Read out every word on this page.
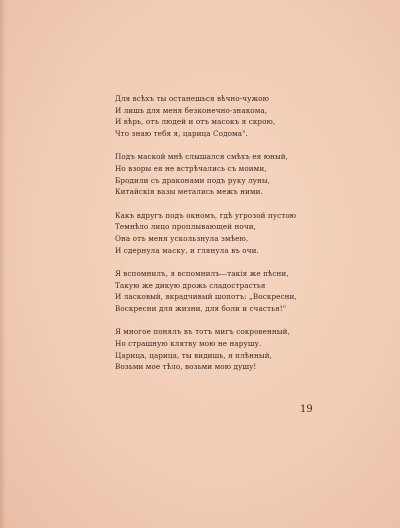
Для всѣхъ ты останешься вѣчно-чужою
И лишь для меня безконечно-знакома,
И вѣрь, отъ людей и отъ масокъ я скрою,
Что знаю тебя я, царица Содома".
Подъ маской мнѣ слышался смѣхъ ея юный,
Но взоры ея не встрѣчались съ моими,
Бродили съ драконами подъ рукy луны,
Китайскія вазы метались межъ ними.
Какъ вдругъ подъ окномъ, гдѣ угрозой пустою
Темнѣло лицо проплывающей ночи,
Она отъ меня ускользнула змѣею,
И сдернула маску, и глянула въ очи.
Я вспомнилъ, я вспомнилъ—такія же пѣсни,
Такую же дикую дрожь сладострастья
И ласковый, вкрадчивый шопотъ: „Воскресни,
Воскресни для жизни, для боли и счастья!"
Я многое понялъ въ тотъ мигъ сокровенный,
Но страшную клятву мою не нарушу.
Царица, царица, ты видишь, я плѣнный,
Возьми мое тѣло, возьми мою душу!
19
